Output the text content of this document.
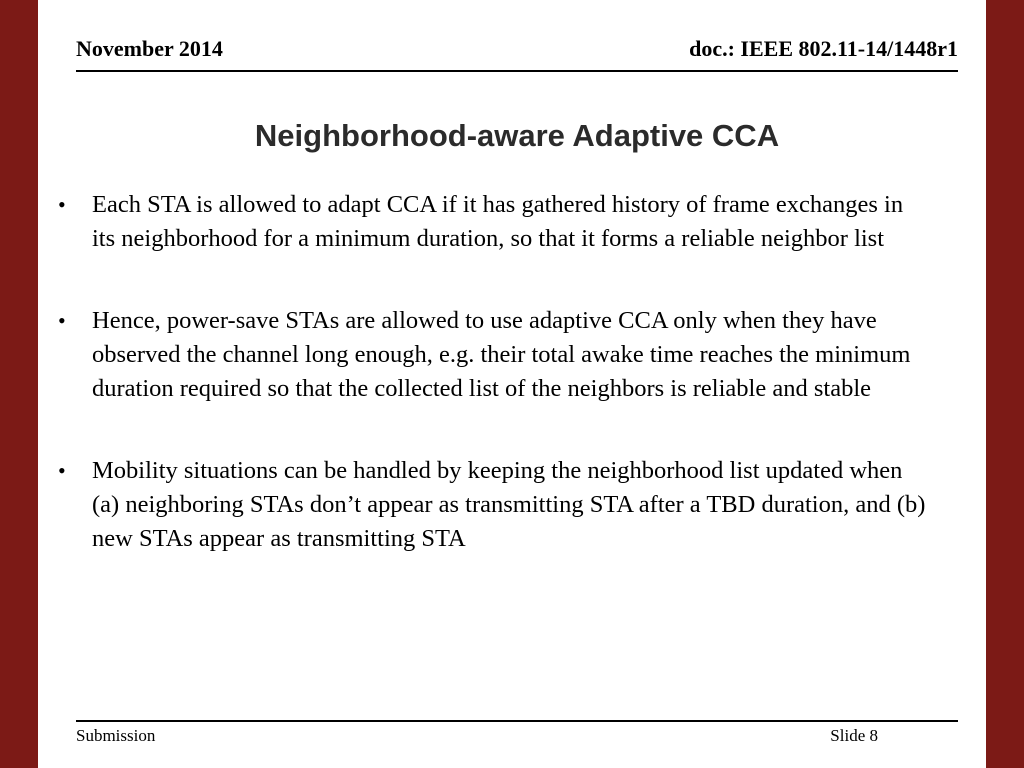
November 2014	doc.: IEEE 802.11-14/1448r1
Neighborhood-aware Adaptive CCA
• Each STA is allowed to adapt CCA if it has gathered history of frame exchanges in its neighborhood for a minimum duration, so that it forms a reliable neighbor list
• Hence, power-save STAs are allowed to use adaptive CCA only when they have observed the channel long enough, e.g. their total awake time reaches the minimum duration required so that the collected list of the neighbors is reliable and stable
• Mobility situations can be handled by keeping the neighborhood list updated when (a) neighboring STAs don’t appear as transmitting STA after a TBD duration, and (b) new STAs appear as transmitting STA
Submission	Slide 8
